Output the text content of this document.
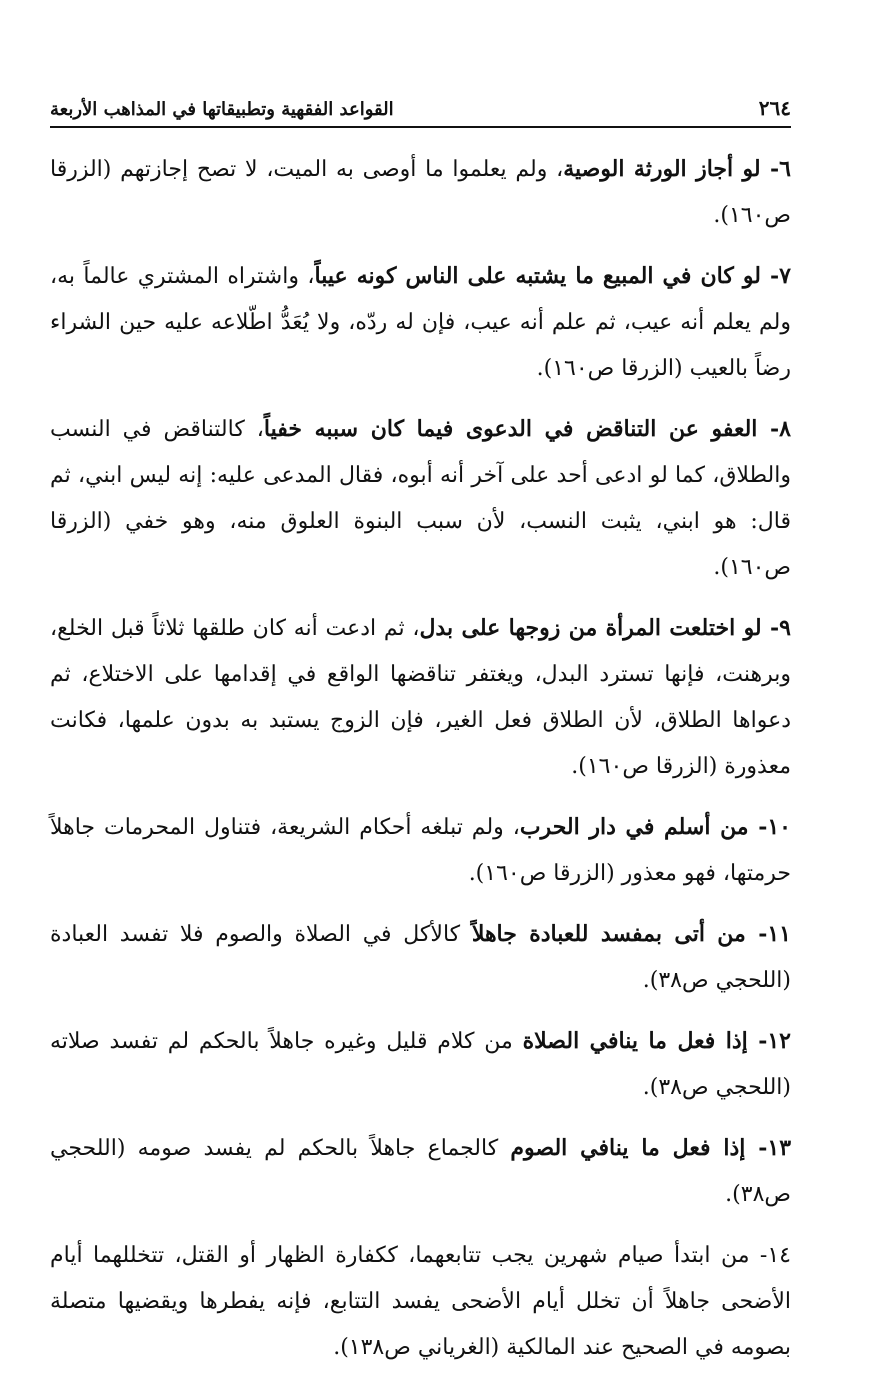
٢٦٤
القواعد الفقهية وتطبيقاتها في المذاهب الأربعة

٦- لو أجاز الورثة الوصية، ولم يعلموا ما أوصى به الميت، لا تصح إجازتهم (الزرقا ص١٦٠).

٧- لو كان في المبيع ما يشتبه على الناس كونه عيباً، واشتراه المشتري عالماً به، ولم يعلم أنه عيب، ثم علم أنه عيب، فإن له ردّه، ولا يُعَدُّ اطّلاعه عليه حين الشراء رضاً بالعيب (الزرقا ص١٦٠).

٨- العفو عن التناقض في الدعوى فيما كان سببه خفياً، كالتناقض في النسب والطلاق، كما لو ادعى أحد على آخر أنه أبوه، فقال المدعى عليه: إنه ليس ابني، ثم قال: هو ابني، يثبت النسب، لأن سبب البنوة العلوق منه، وهو خفي (الزرقا ص١٦٠).

٩- لو اختلعت المرأة من زوجها على بدل، ثم ادعت أنه كان طلقها ثلاثاً قبل الخلع، وبرهنت، فإنها تسترد البدل، ويغتفر تناقضها الواقع في إقدامها على الاختلاع، ثم دعواها الطلاق، لأن الطلاق فعل الغير، فإن الزوج يستبد به بدون علمها، فكانت معذورة (الزرقا ص١٦٠).

١٠- من أسلم في دار الحرب، ولم تبلغه أحكام الشريعة، فتناول المحرمات جاهلاً حرمتها، فهو معذور (الزرقا ص١٦٠).

١١- من أتى بمفسد للعبادة جاهلاً كالأكل في الصلاة والصوم فلا تفسد العبادة (اللحجي ص٣٨).

١٢- إذا فعل ما ينافي الصلاة من كلام قليل وغيره جاهلاً بالحكم لم تفسد صلاته (اللحجي ص٣٨).

١٣- إذا فعل ما ينافي الصوم كالجماع جاهلاً بالحكم لم يفسد صومه (اللحجي ص٣٨).

١٤- من ابتدأ صيام شهرين يجب تتابعهما، ككفارة الظهار أو القتل، تتخللهما أيام الأضحى جاهلاً أن تخلل أيام الأضحى يفسد التتابع، فإنه يفطرها ويقضيها متصلة بصومه في الصحيح عند المالكية (الغرياني ص١٣٨).
